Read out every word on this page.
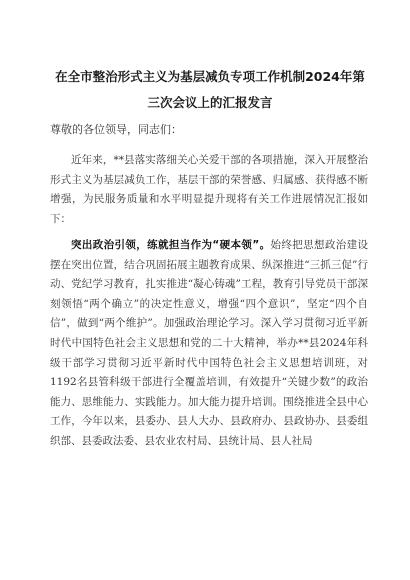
在全市整治形式主义为基层减负专项工作机制2024年第三次会议上的汇报发言

尊敬的各位领导，同志们：

近年来，**县落实落细关心关爱干部的各项措施，深入开展整治形式主义为基层减负工作，基层干部的荣誉感、归属感、获得感不断增强，为民服务质量和水平明显提升现将有关工作进展情况汇报如下：

突出政治引领，练就担当作为“硬本领”。始终把思想政治建设摆在突出位置，结合巩固拓展主题教育成果、纵深推进“三抓三促”行动、党纪学习教育，扎实推进“凝心铸魂”工程，教育引导党员干部深刻领悟“两个确立”的决定性意义，增强“四个意识”，坚定“四个自信”，做到“两个维护”。加强政治理论学习。深入学习贯彻习近平新时代中国特色社会主义思想和党的二十大精神，举办**县2024年科级干部学习贯彻习近平新时代中国特色社会主义思想培训班，对1192名县管科级干部进行全覆盖培训，有效提升“关键少数”的政治能力、思维能力、实践能力。加大能力提升培训。围绕推进全县中心工作，今年以来，县委办、县人大办、县政府办、县政协办、县委组织部、县委政法委、县农业农村局、县统计局、县人社局
